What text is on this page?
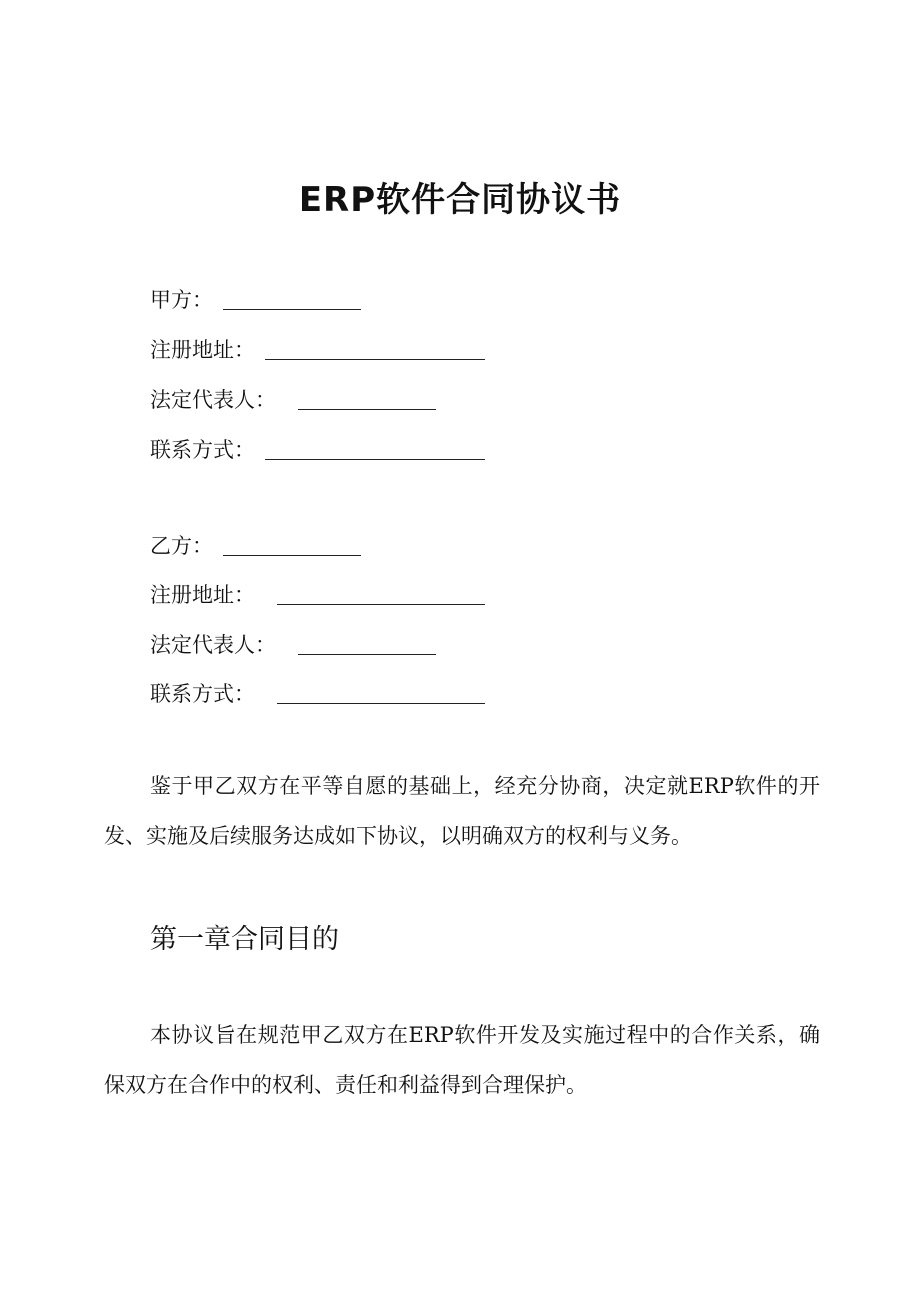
ERP软件合同协议书
甲方：
注册地址：
法定代表人：
联系方式：
乙方：
注册地址：
法定代表人：
联系方式：

鉴于甲乙双方在平等自愿的基础上，经充分协商，决定就ERP软件的开发、实施及后续服务达成如下协议，以明确双方的权利与义务。

第一章合同目的

本协议旨在规范甲乙双方在ERP软件开发及实施过程中的合作关系，确保双方在合作中的权利、责任和利益得到合理保护。
